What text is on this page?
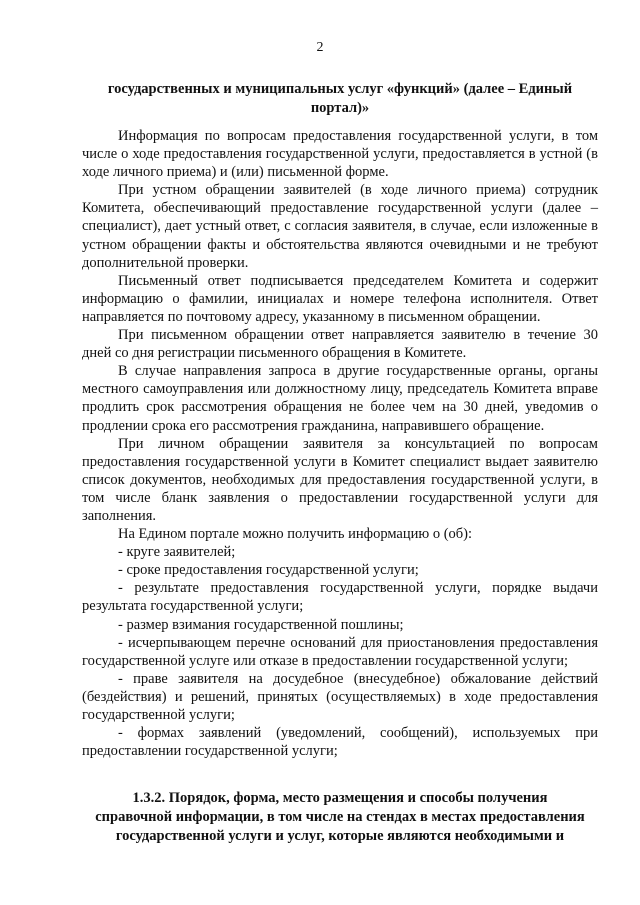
2
государственных и муниципальных услуг «функций» (далее – Единый
портал)»

Информация по вопросам предоставления государственной услуги, в том числе о ходе предоставления государственной услуги, предоставляется в устной (в ходе личного приема) и (или) письменной форме.

При устном обращении заявителей (в ходе личного приема) сотрудник Комитета, обеспечивающий предоставление государственной услуги (далее – специалист), дает устный ответ, с согласия заявителя, в случае, если изложенные в устном обращении факты и обстоятельства являются очевидными и не требуют дополнительной проверки.

Письменный ответ подписывается председателем Комитета и содержит информацию о фамилии, инициалах и номере телефона исполнителя. Ответ направляется по почтовому адресу, указанному в письменном обращении.

При письменном обращении ответ направляется заявителю в течение 30 дней со дня регистрации письменного обращения в Комитете.

В случае направления запроса в другие государственные органы, органы местного самоуправления или должностному лицу, председатель Комитета вправе продлить срок рассмотрения обращения не более чем на 30 дней, уведомив о продлении срока его рассмотрения гражданина, направившего обращение.

При личном обращении заявителя за консультацией по вопросам предоставления государственной услуги в Комитет специалист выдает заявителю список документов, необходимых для предоставления государственной услуги, в том числе бланк заявления о предоставлении государственной услуги для заполнения.

На Едином портале можно получить информацию о (об):

- круге заявителей;

- сроке предоставления государственной услуги;

- результате предоставления государственной услуги, порядке выдачи результата государственной услуги;

- размер взимания государственной пошлины;

- исчерпывающем перечне оснований для приостановления предоставления государственной услуге или отказе в предоставлении государственной услуги;

- праве заявителя на досудебное (внесудебное) обжалование действий (бездействия) и решений, принятых (осуществляемых) в ходе предоставления государственной услуги;

- формах заявлений (уведомлений, сообщений), используемых при предоставлении государственной услуги;

1.3.2. Порядок, форма, место размещения и способы получения
справочной информации, в том числе на стендах в местах предоставления
государственной услуги и услуг, которые являются необходимыми и
